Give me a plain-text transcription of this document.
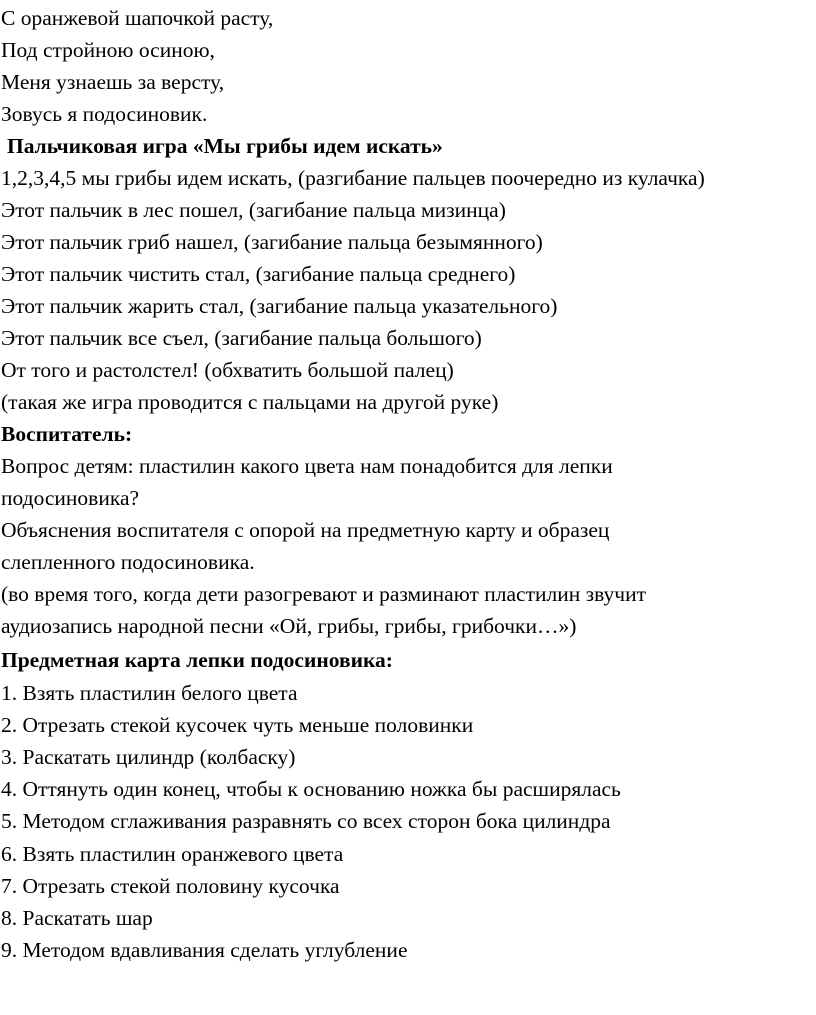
С оранжевой шапочкой расту,

Под стройною осиною,

Меня узнаешь за версту,

Зовусь я подосиновик.

Пальчиковая игра «Мы грибы идем искать»

1,2,3,4,5 мы грибы идем искать, (разгибание пальцев поочередно из кулачка)

Этот пальчик в лес пошел, (загибание пальца мизинца)

Этот пальчик гриб нашел, (загибание пальца безымянного)

Этот пальчик чистить стал, (загибание пальца среднего)

Этот пальчик жарить стал, (загибание пальца указательного)

Этот пальчик все съел, (загибание пальца большого)

От того и растолстел! (обхватить большой палец)

(такая же игра проводится с пальцами на другой руке)

Воспитатель:

Вопрос детям: пластилин какого цвета нам понадобится для лепки

подосиновика?

Объяснения воспитателя с опорой на предметную карту и образец

слепленного подосиновика.

(во время того, когда дети разогревают и разминают пластилин звучит

аудиозапись народной песни «Ой, грибы, грибы, грибочки…»)

Предметная карта лепки подосиновика:

1. Взять пластилин белого цвета

2. Отрезать стекой кусочек чуть меньше половинки

3. Раскатать цилиндр (колбаску)

4. Оттянуть один конец, чтобы к основанию ножка бы расширялась

5. Методом сглаживания разравнять со всех сторон бока цилиндра

6. Взять пластилин оранжевого цвета

7. Отрезать стекой половину кусочка

8. Раскатать шар

9. Методом вдавливания сделать углубление
